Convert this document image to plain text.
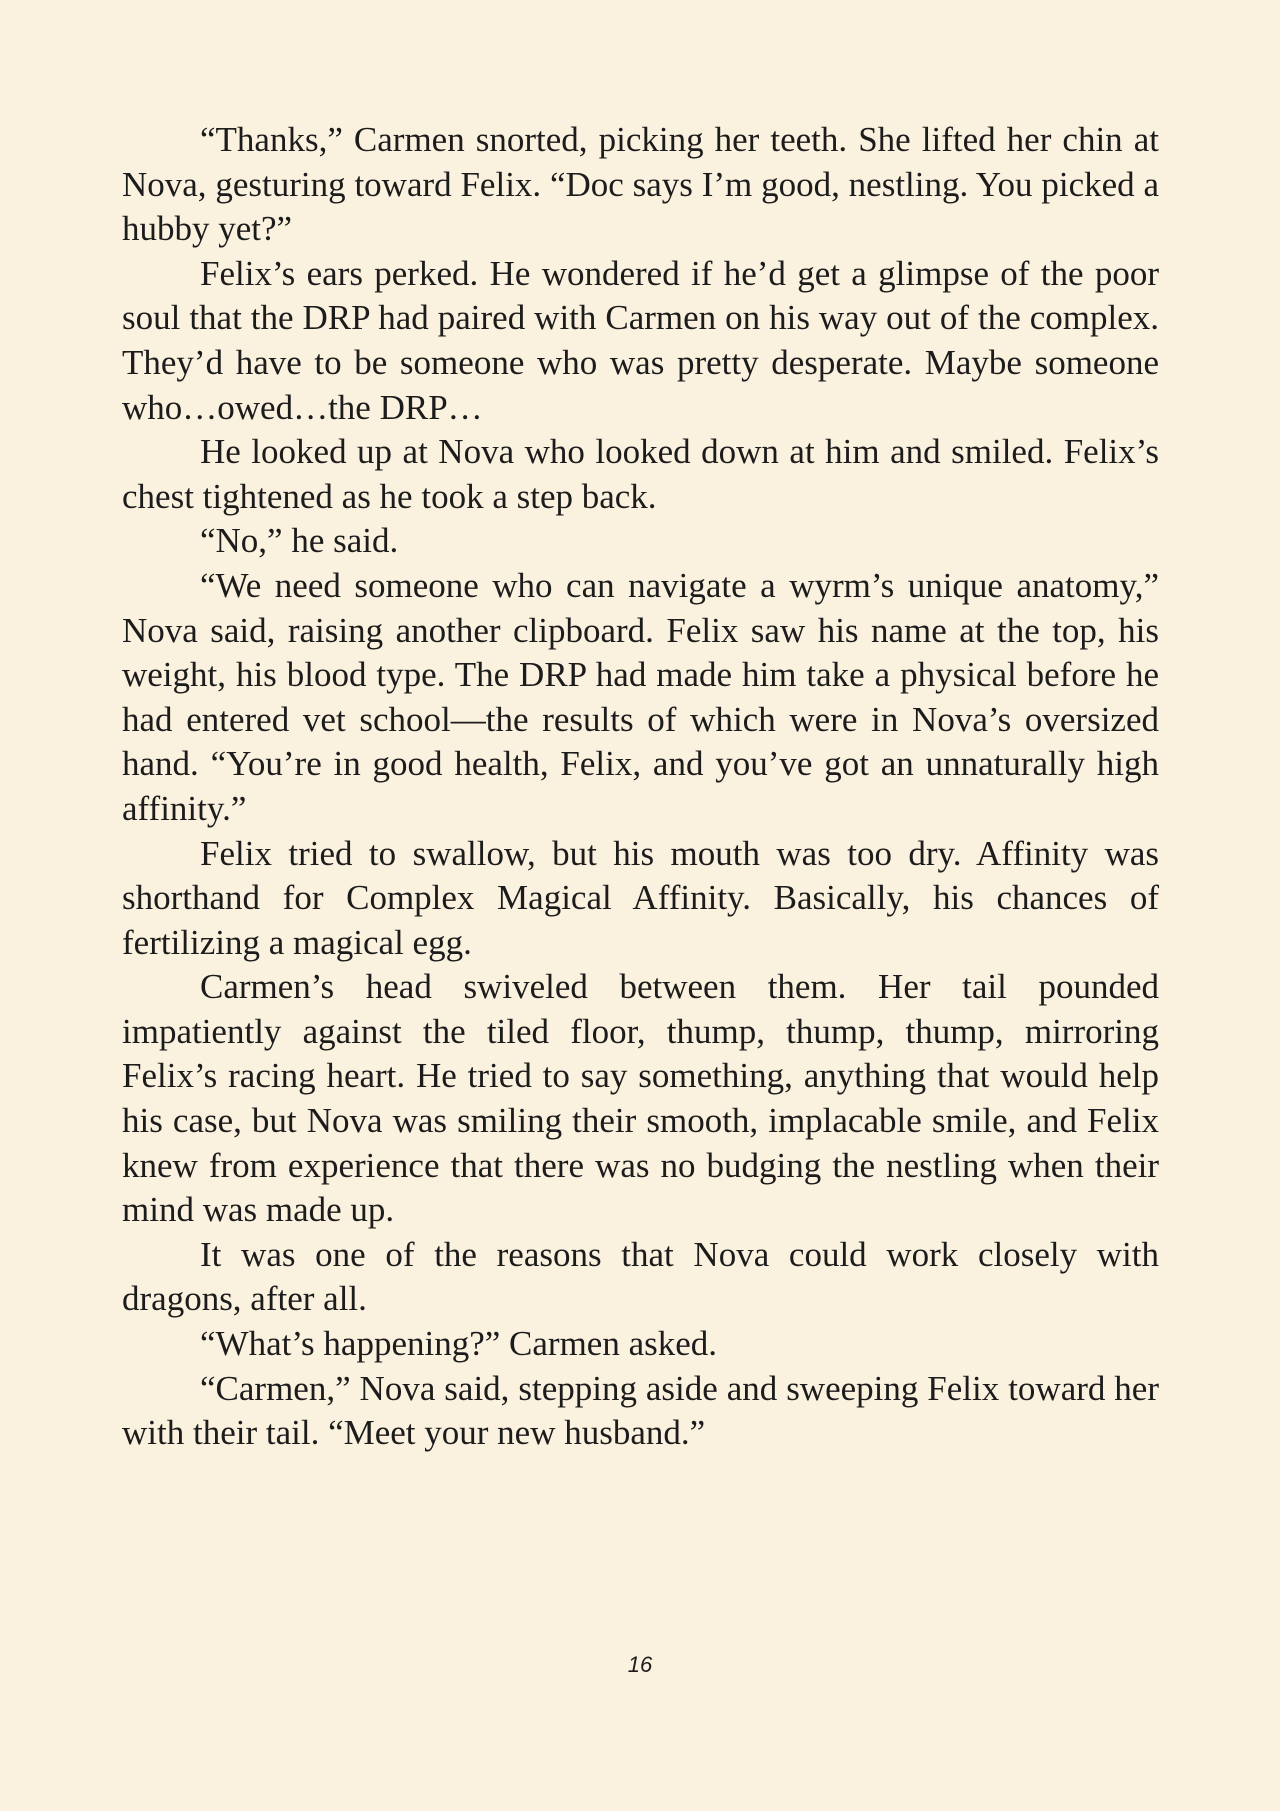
“Thanks,” Carmen snorted, picking her teeth. She lifted her chin at Nova, gesturing toward Felix. “Doc says I’m good, nestling. You picked a hubby yet?”

Felix’s ears perked. He wondered if he’d get a glimpse of the poor soul that the DRP had paired with Carmen on his way out of the complex. They’d have to be someone who was pretty desperate. Maybe someone who…owed…the DRP…

He looked up at Nova who looked down at him and smiled. Felix’s chest tightened as he took a step back.

“No,” he said.

“We need someone who can navigate a wyrm’s unique anatomy,” Nova said, raising another clipboard. Felix saw his name at the top, his weight, his blood type. The DRP had made him take a physical before he had entered vet school—the results of which were in Nova’s oversized hand. “You’re in good health, Felix, and you’ve got an unnaturally high affinity.”

Felix tried to swallow, but his mouth was too dry. Affinity was shorthand for Complex Magical Affinity. Basically, his chances of fertilizing a magical egg.

Carmen’s head swiveled between them. Her tail pounded impatiently against the tiled floor, thump, thump, thump, mirroring Felix’s racing heart. He tried to say something, anything that would help his case, but Nova was smiling their smooth, implacable smile, and Felix knew from experience that there was no budging the nestling when their mind was made up.

It was one of the reasons that Nova could work closely with dragons, after all.

“What’s happening?” Carmen asked.

“Carmen,” Nova said, stepping aside and sweeping Felix toward her with their tail. “Meet your new husband.”

16
